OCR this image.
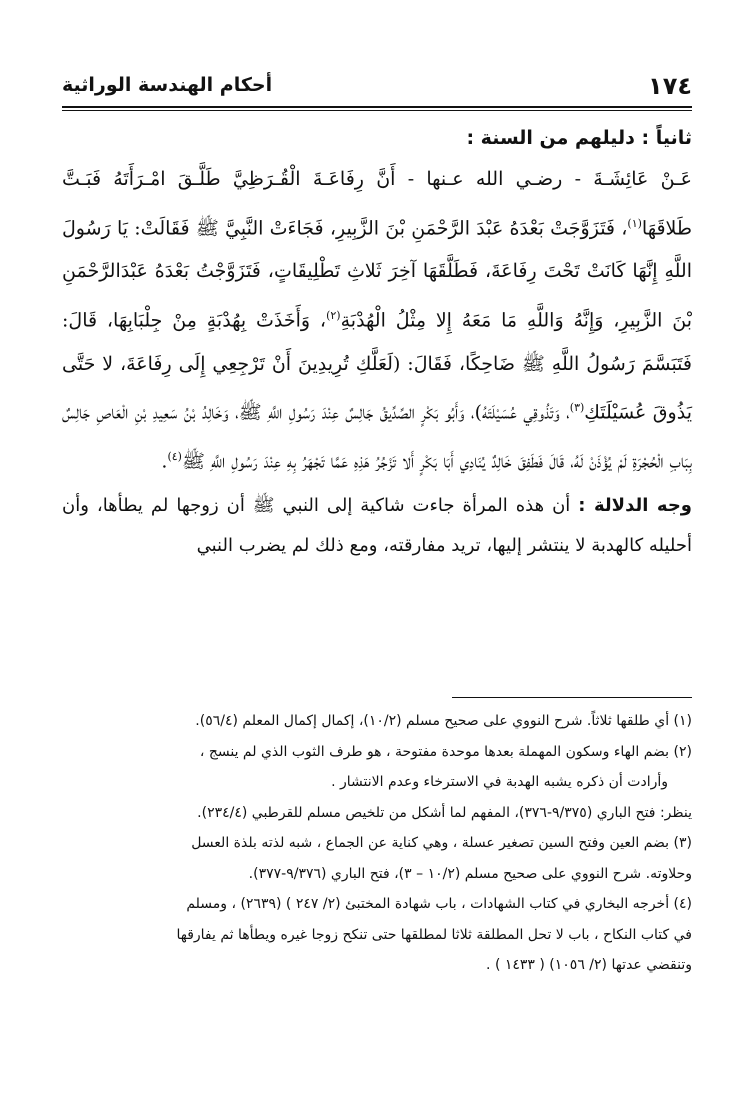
١٧٤
أحكام الهندسة الوراثية

ثانياً : دليلهم من السنة :

عَـنْ عَائِشَـةَ - رضـي الله عـنها - أَنَّ رِفَاعَـةَ الْقُـرَظِيَّ طَلَّـقَ امْـرَأَتَهُ فَبَـتَّ طَلاقَهَا$^{(١)}$، فَتَزَوَّجَتْ بَعْدَهُ عَبْدَ الرَّحْمَنِ بْنَ الزَّبِيرِ، فَجَاءَتْ النَّبِيَّ ﷺ فَقَالَتْ: يَا رَسُولَ اللَّهِ إِنَّهَا كَانَتْ تَحْتَ رِفَاعَةَ، فَطَلَّقَهَا آخِرَ ثَلاثِ تَطْلِيقَاتٍ، فَتَزَوَّجْتُ بَعْدَهُ عَبْدَالرَّحْمَنِ بْنَ الزَّبِيرِ، وَإِنَّهُ وَاللَّهِ مَا مَعَهُ إِلا مِثْلُ الْهُدْبَةِ$^{(٢)}$، وَأَخَذَتْ بِهُدْبَةٍ مِنْ جِلْبَابِهَا، قَالَ: فَتَبَسَّمَ رَسُولُ اللَّهِ ﷺ ضَاحِكًا، فَقَالَ: (لَعَلَّكِ تُرِيدِينَ أَنْ تَرْجِعِي إِلَى رِفَاعَةَ، لا حَتَّى يَذُوقَ عُسَيْلَتَكِ$^{(٣)}$، وَتَذُوقِي عُسَيْلَتَهُ)، وَأَبُو بَكْرٍ الصِّدِّيقُ جَالِسٌ عِنْدَ رَسُولِ اللَّهِ ﷺ، وَخَالِدُ بْنُ سَعِيدِ بْنِ الْعَاصِ جَالِسٌ بِبَابِ الْحُجْرَةِ لَمْ يُؤْذَنْ لَهُ، قَالَ فَطَفِقَ خَالِدٌ يُنَادِي أَبَا بَكْرٍ أَلا تَزْجُرُ هَذِهِ عَمَّا تَجْهَرُ بِهِ عِنْدَ رَسُولِ اللَّهِ ﷺ$^{(٤)}$.

وجه الدلالة : أن هذه المرأة جاءت شاكية إلى النبي ﷺ أن زوجها لم يطأها، وأن أحليله كالهدبة لا ينتشر إليها، تريد مفارقته، ومع ذلك لم يضرب النبي

(١) أي طلقها ثلاثاً. شرح النووي على صحيح مسلم (١٠/٢)، إكمال إكمال المعلم (٥٦/٤).

(٢) بضم الهاء وسكون المهملة بعدها موحدة مفتوحة ، هو طرف الثوب الذي لم ينسج ،

وأرادت أن ذكره يشبه الهدبة في الاسترخاء وعدم الانتشار .

ينظر: فتح الباري (٩/٣٧٥-٣٧٦)، المفهم لما أشكل من تلخيص مسلم للقرطبي (٢٣٤/٤).

(٣) بضم العين وفتح السين تصغير عسلة ، وهي كناية عن الجماع ، شبه لذته بلذة العسل

وحلاوته. شرح النووي على صحيح مسلم (١٠/٢ – ٣)، فتح الباري (٩/٣٧٦-٣٧٧).

(٤) أخرجه البخاري في كتاب الشهادات ، باب شهادة المختبئ (٢/ ٢٤٧ ) (٢٦٣٩) ، ومسلم

في كتاب النكاح ، باب لا تحل المطلقة ثلاثا لمطلقها حتى تنكح زوجا غيره ويطأها ثم يفارقها

وتنقضي عدتها (٢/ ١٠٥٦) ( ١٤٣٣ ) .
